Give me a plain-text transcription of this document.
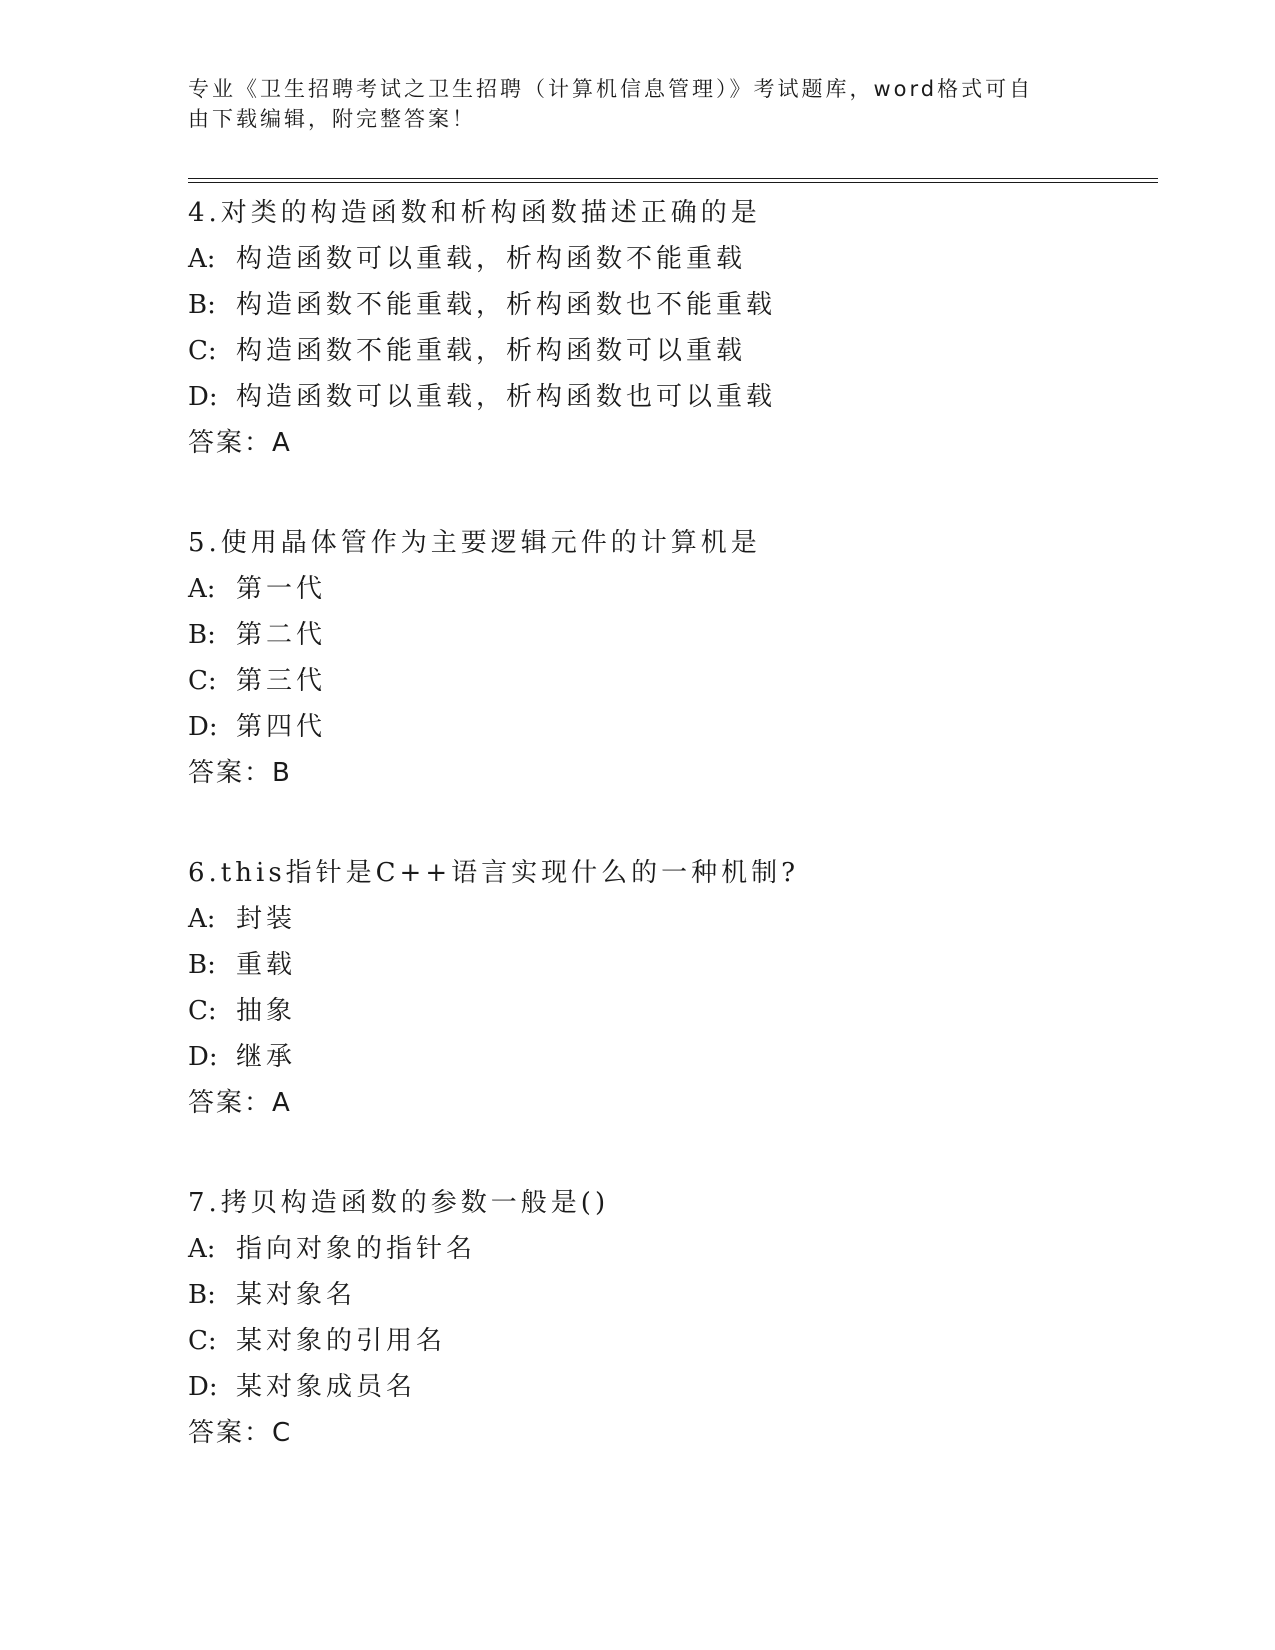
专业《卫生招聘考试之卫生招聘（计算机信息管理）》考试题库，word格式可自
由下载编辑，附完整答案！
4.对类的构造函数和析构函数描述正确的是
A: 构造函数可以重载，析构函数不能重载
B: 构造函数不能重载，析构函数也不能重载
C: 构造函数不能重载，析构函数可以重载
D: 构造函数可以重载，析构函数也可以重载
答案：A
5.使用晶体管作为主要逻辑元件的计算机是
A: 第一代
B: 第二代
C: 第三代
D: 第四代
答案：B
6.this指针是C++语言实现什么的一种机制?
A: 封装
B: 重载
C: 抽象
D: 继承
答案：A
7.拷贝构造函数的参数一般是()
A: 指向对象的指针名
B: 某对象名
C: 某对象的引用名
D: 某对象成员名
答案：C
